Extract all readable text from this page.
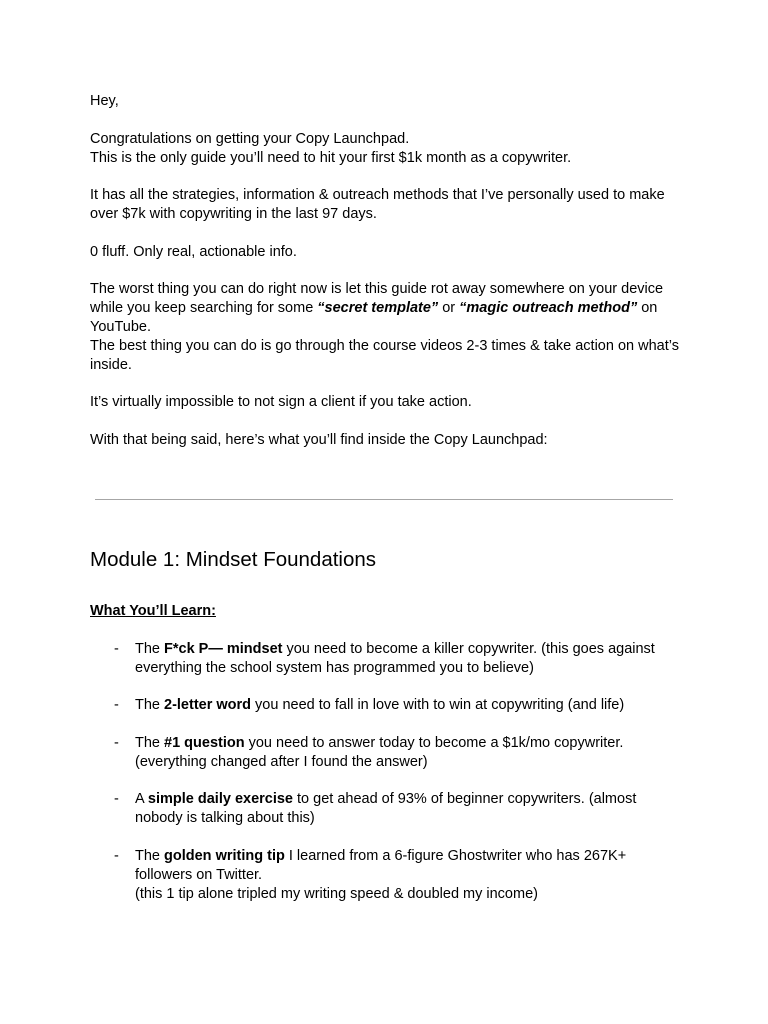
Hey,

Congratulations on getting your Copy Launchpad.
This is the only guide you’ll need to hit your first $1k month as a copywriter.

It has all the strategies, information & outreach methods that I’ve personally used to make over $7k with copywriting in the last 97 days.

0 fluff. Only real, actionable info.

The worst thing you can do right now is let this guide rot away somewhere on your device while you keep searching for some “secret template” or “magic outreach method” on YouTube.

The best thing you can do is go through the course videos 2-3 times & take action on what’s inside.

It’s virtually impossible to not sign a client if you take action.

With that being said, here’s what you’ll find inside the Copy Launchpad:

Module 1: Mindset Foundations

What You’ll Learn:

- The F*ck P— mindset you need to become a killer copywriter. (this goes against everything the school system has programmed you to believe)
- The 2-letter word you need to fall in love with to win at copywriting (and life)
- The #1 question you need to answer today to become a $1k/mo copywriter. (everything changed after I found the answer)
- A simple daily exercise to get ahead of 93% of beginner copywriters. (almost nobody is talking about this)
- The golden writing tip I learned from a 6-figure Ghostwriter who has 267K+ followers on Twitter.
(this 1 tip alone tripled my writing speed & doubled my income)
